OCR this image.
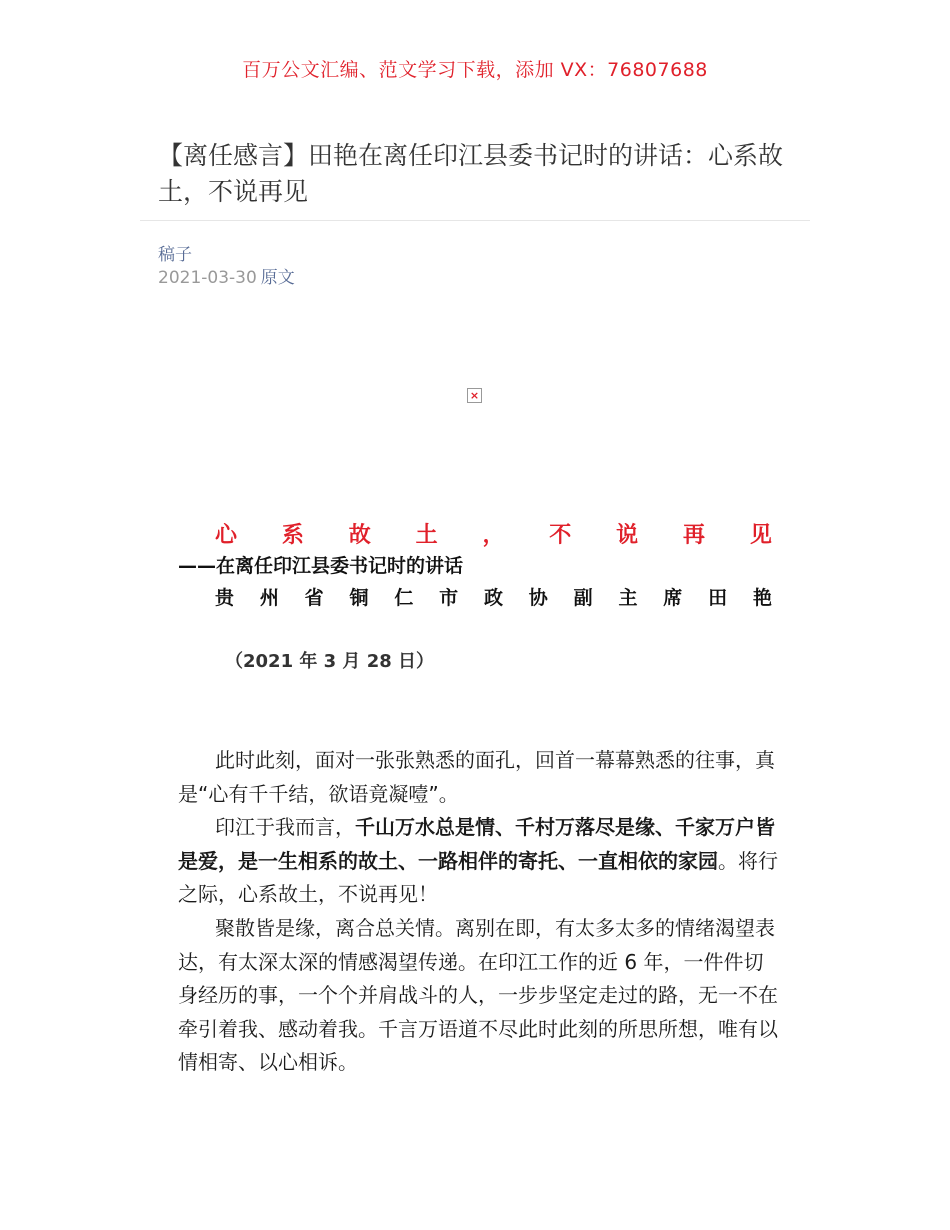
百万公文汇编、范文学习下载，添加 VX：76807688
【离任感言】田艳在离任印江县委书记时的讲话：心系故土，不说再见
稿子
2021-03-30 原文
×
心 系 故 土 ， 不 说 再 见
——在离任印江县委书记时的讲话
贵 州 省 铜 仁 市 政 协 副 主 席 田 艳
（2021 年 3 月 28 日）

此时此刻，面对一张张熟悉的面孔，回首一幕幕熟悉的往事，真是“心有千千结，欲语竟凝噎”。

印江于我而言，千山万水总是情、千村万落尽是缘、千家万户皆是爱，是一生相系的故土、一路相伴的寄托、一直相依的家园。将行之际，心系故土，不说再见！

聚散皆是缘，离合总关情。离别在即，有太多太多的情绪渴望表达，有太深太深的情感渴望传递。在印江工作的近 6 年，一件件切身经历的事，一个个并肩战斗的人，一步步坚定走过的路，无一不在牵引着我、感动着我。千言万语道不尽此时此刻的所思所想，唯有以情相寄、以心相诉。
